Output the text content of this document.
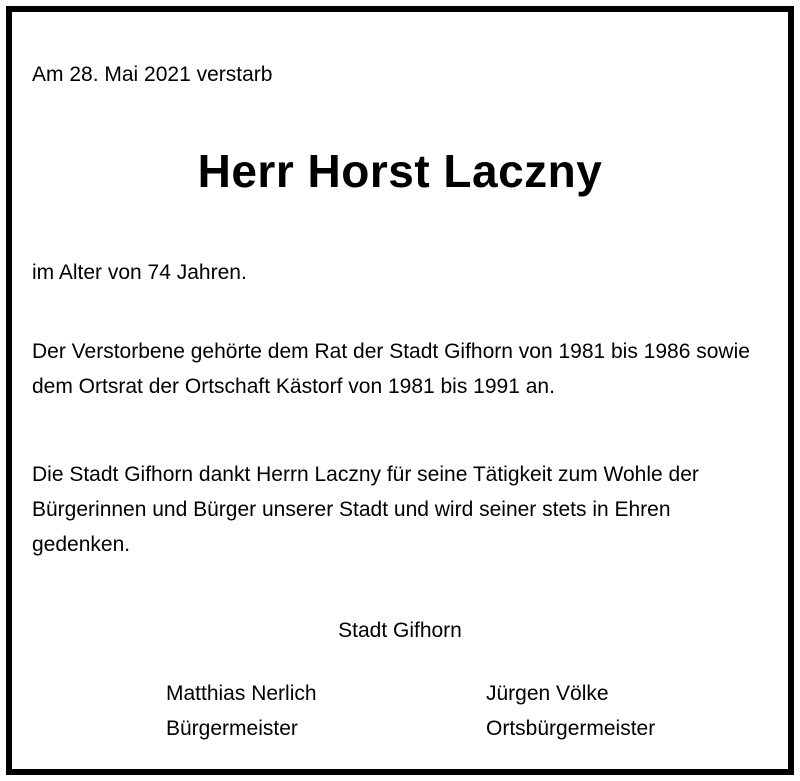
Am 28. Mai 2021 verstarb
Herr Horst Laczny
im Alter von 74 Jahren.
Der Verstorbene gehörte dem Rat der Stadt Gifhorn von 1981 bis 1986 sowie dem Ortsrat der Ortschaft Kästorf von 1981 bis 1991 an.
Die Stadt Gifhorn dankt Herrn Laczny für seine Tätigkeit zum Wohle der Bürgerinnen und Bürger unserer Stadt und wird seiner stets in Ehren gedenken.
Stadt Gifhorn
Matthias Nerlich
Bürgermeister
Jürgen Völke
Ortsbürgermeister
